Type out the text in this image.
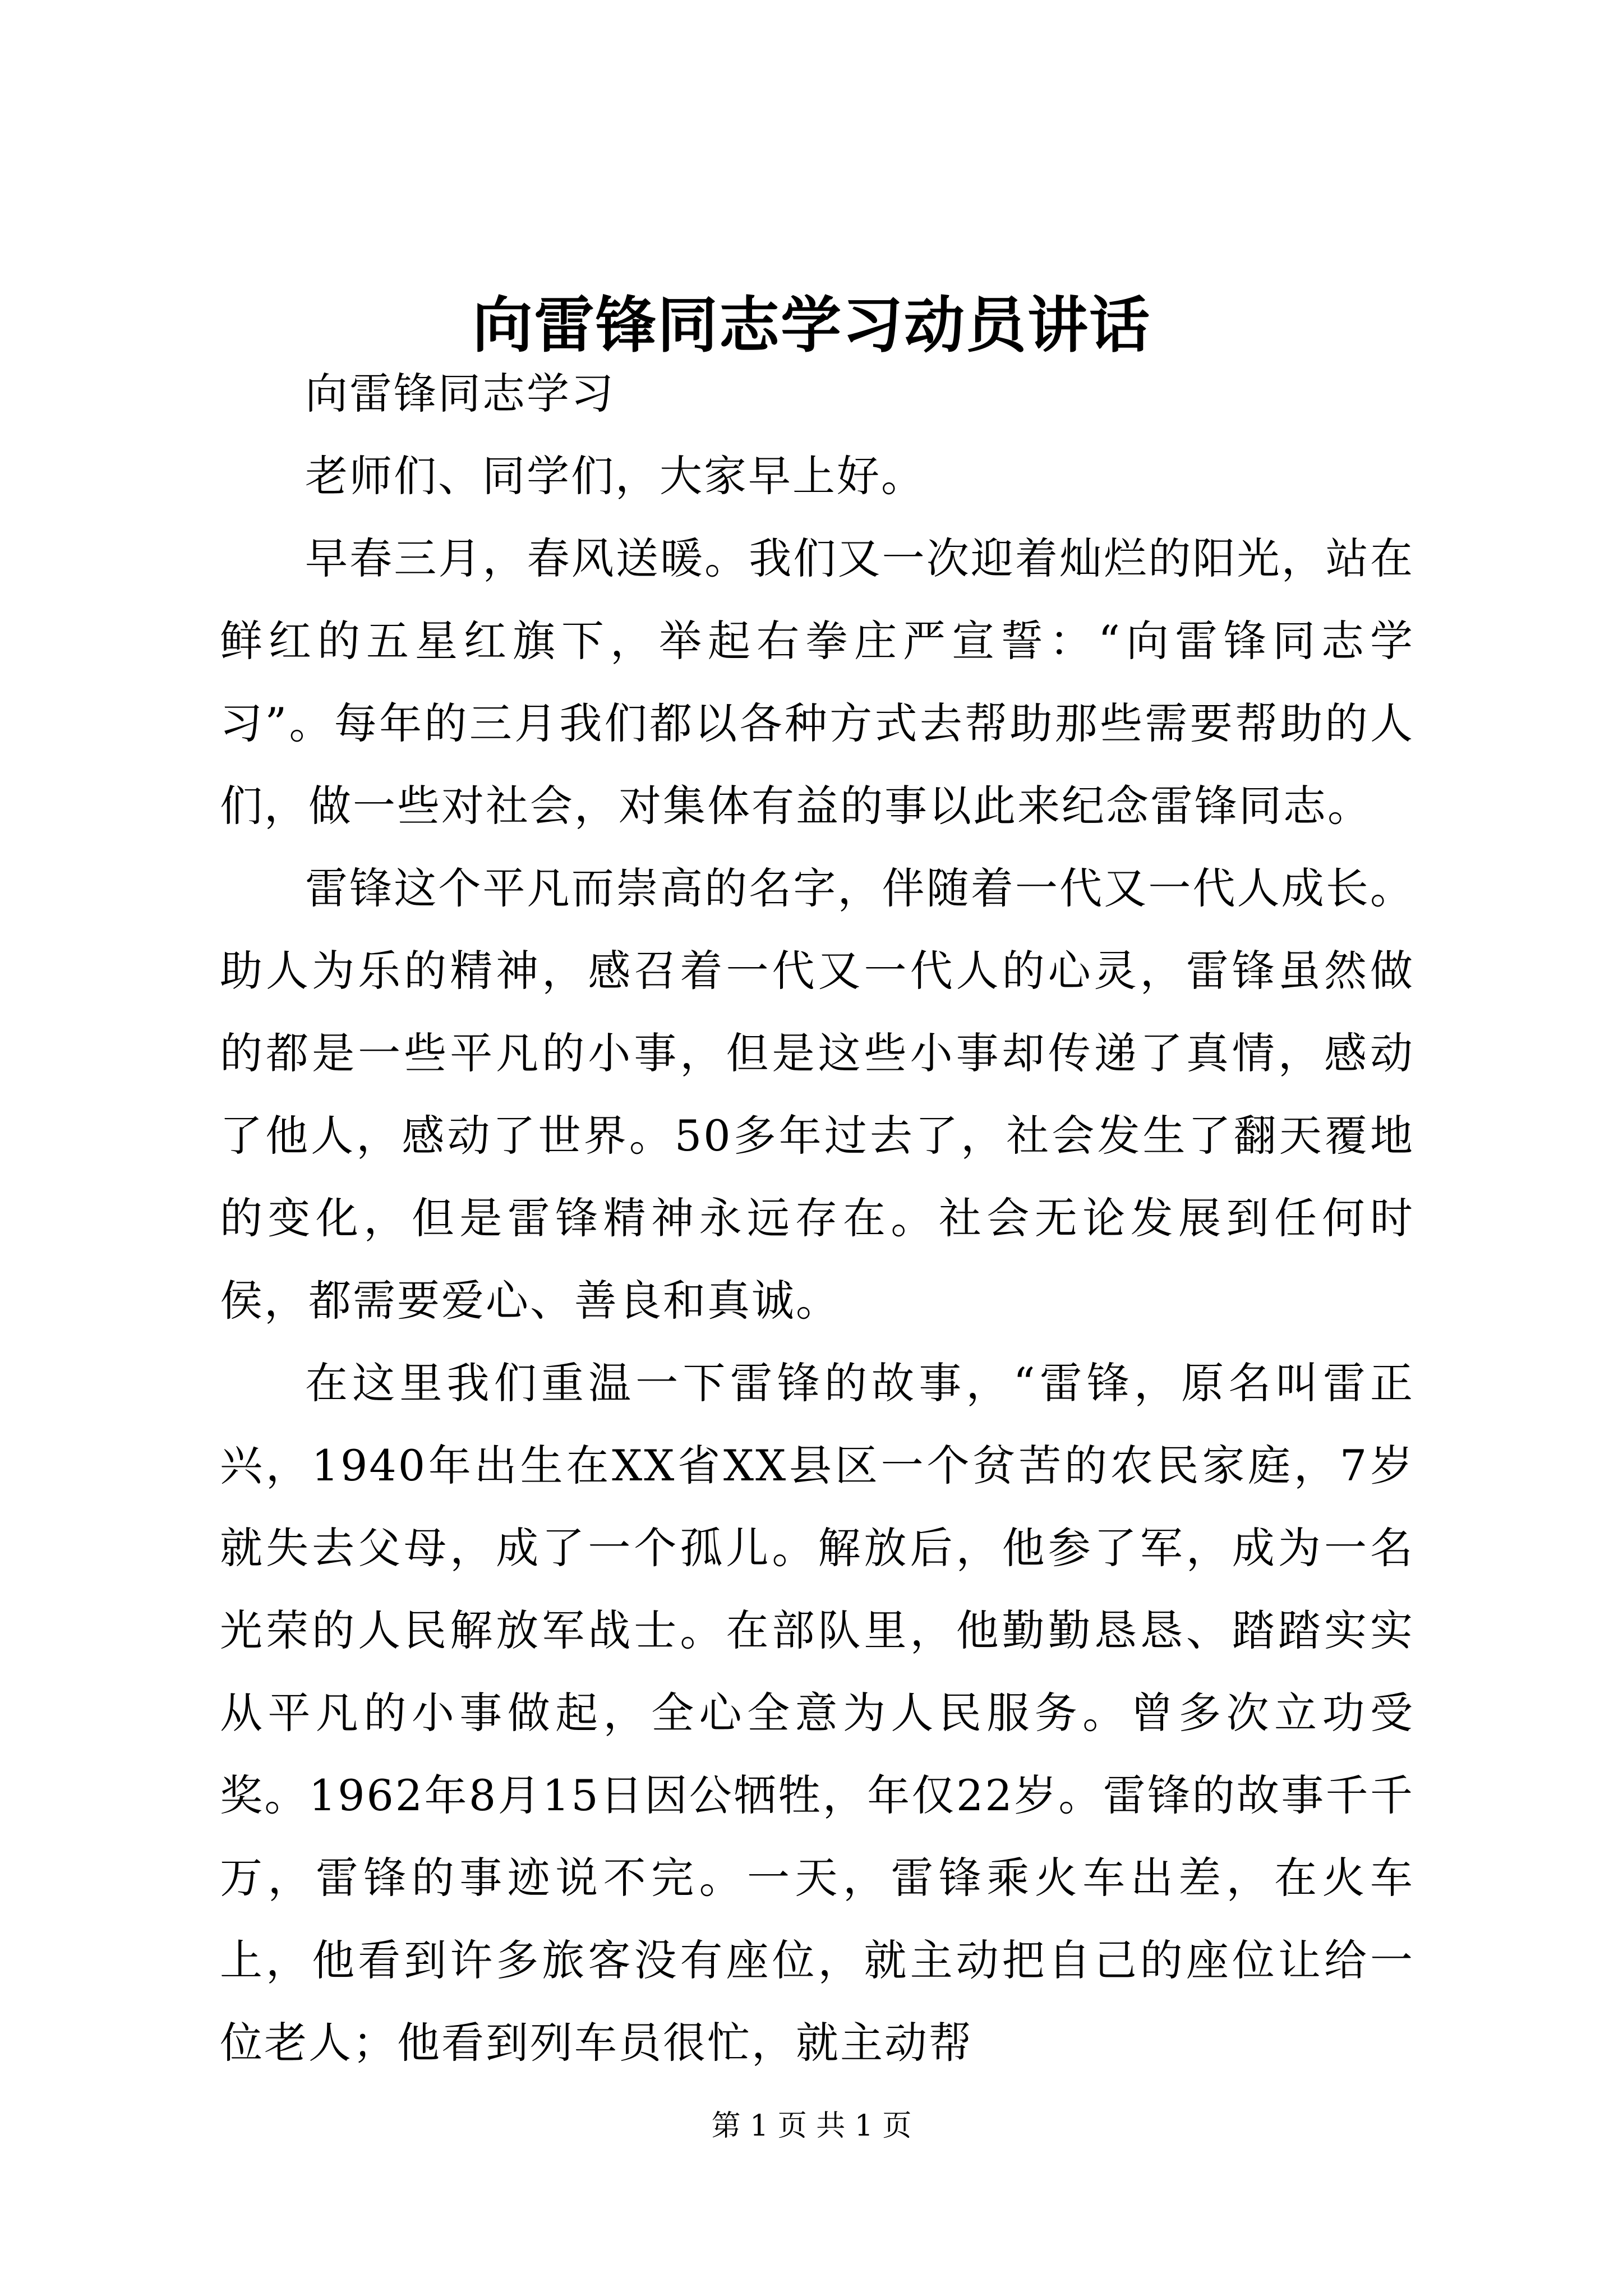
向雷锋同志学习动员讲话

向雷锋同志学习

老师们、同学们，大家早上好。

早春三月，春风送暖。我们又一次迎着灿烂的阳光，站在鲜红的五星红旗下，举起右拳庄严宣誓：“向雷锋同志学习”。每年的三月我们都以各种方式去帮助那些需要帮助的人们，做一些对社会，对集体有益的事以此来纪念雷锋同志。

雷锋这个平凡而崇高的名字，伴随着一代又一代人成长。助人为乐的精神，感召着一代又一代人的心灵，雷锋虽然做的都是一些平凡的小事，但是这些小事却传递了真情，感动了他人，感动了世界。50多年过去了，社会发生了翻天覆地的变化，但是雷锋精神永远存在。社会无论发展到任何时侯，都需要爱心、善良和真诚。

在这里我们重温一下雷锋的故事，“雷锋，原名叫雷正兴，1940年出生在XX省XX县区一个贫苦的农民家庭，7岁就失去父母，成了一个孤儿。解放后，他参了军，成为一名光荣的人民解放军战士。在部队里，他勤勤恳恳、踏踏实实从平凡的小事做起，全心全意为人民服务。曾多次立功受奖。1962年8月15日因公牺牲，年仅22岁。雷锋的故事千千万，雷锋的事迹说不完。一天，雷锋乘火车出差，在火车上，他看到许多旅客没有座位，就主动把自己的座位让给一位老人；他看到列车员很忙，就主动帮

第 1 页 共 1 页
